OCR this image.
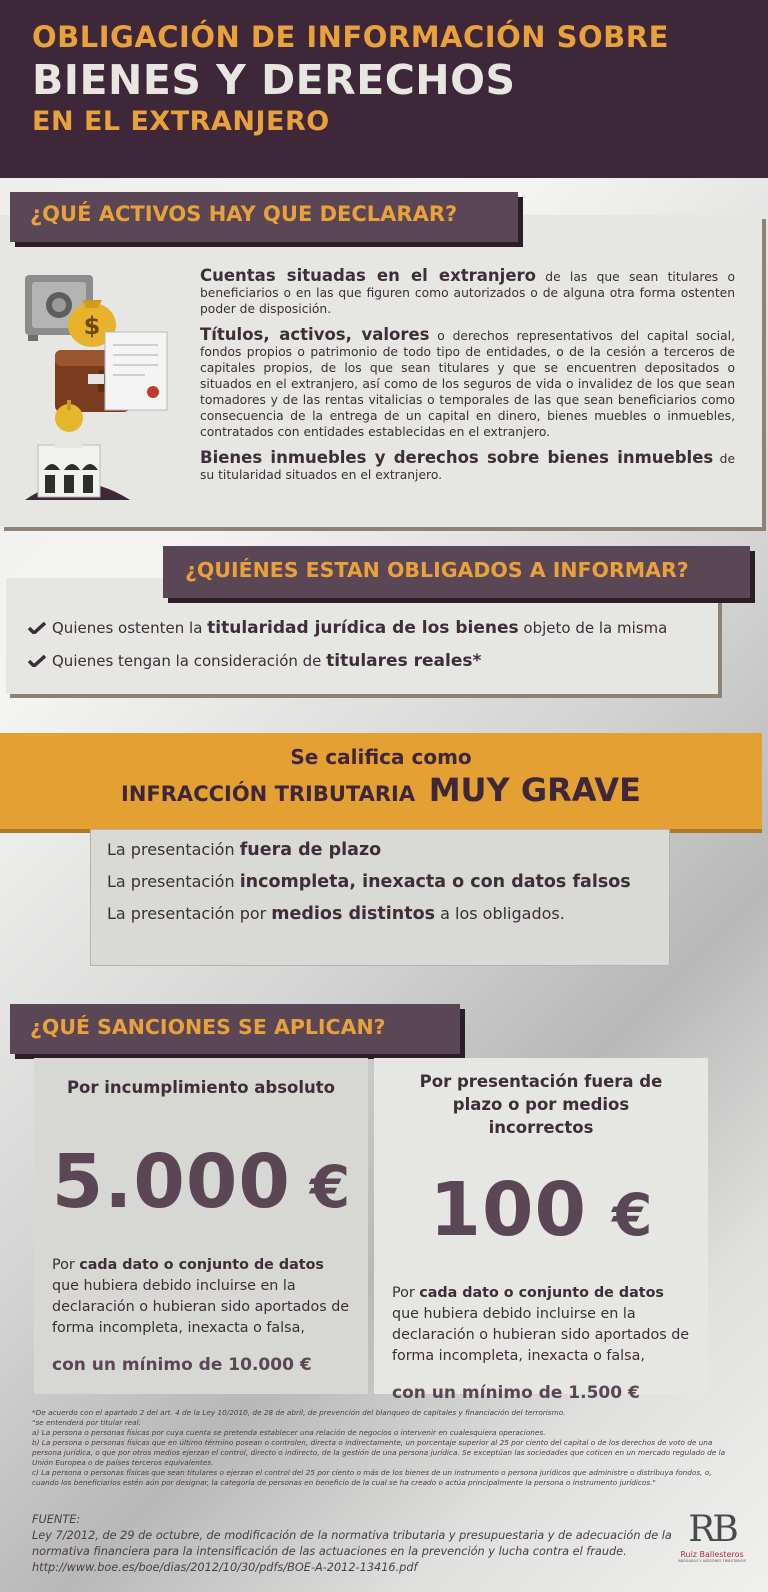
OBLIGACIÓN DE INFORMACIÓN SOBRE
BIENES Y DERECHOS
EN EL EXTRANJERO
¿QUÉ ACTIVOS HAY QUE DECLARAR?
$
Cuentas situadas en el extranjero de las que sean titulares o beneficiarios o en las que figuren como autorizados o de alguna otra forma ostenten poder de disposición.
Títulos, activos, valores o derechos representativos del capital social, fondos propios o patrimonio de todo tipo de entidades, o de la cesión a terceros de capitales propios, de los que sean titulares y que se encuentren depositados o situados en el extranjero, así como de los seguros de vida o invalidez de los que sean tomadores y de las rentas vitalicias o temporales de las que sean beneficiarios como consecuencia de la entrega de un capital en dinero, bienes muebles o inmuebles, contratados con entidades establecidas en el extranjero.
Bienes inmuebles y derechos sobre bienes inmuebles de su titularidad situados en el extranjero.
¿QUIÉNES ESTAN OBLIGADOS A INFORMAR?
Quienes ostenten la titularidad jurídica de los bienes objeto de la misma
Quienes tengan la consideración de titulares reales*
Se califica como
INFRACCIÓN TRIBUTARIA MUY GRAVE
La presentación fuera de plazo
La presentación incompleta, inexacta o con datos falsos
La presentación por medios distintos a los obligados.
¿QUÉ SANCIONES SE APLICAN?
Por incumplimiento absoluto
5.000 €
Por cada dato o conjunto de datos que hubiera debido incluirse en la declaración o hubieran sido aportados de forma incompleta, inexacta o falsa,
con un mínimo de 10.000 €
Por presentación fuera de plazo o por medios incorrectos
100 €
Por cada dato o conjunto de datos que hubiera debido incluirse en la declaración o hubieran sido aportados de forma incompleta, inexacta o falsa,
con un mínimo de 1.500 €
*De acuerdo con el apartado 2 del art. 4 de la Ley 10/2010, de 28 de abril, de prevención del blanqueo de capitales y financiación del terrorismo.
"se entenderá por titular real:
a) La persona o personas físicas por cuya cuenta se pretenda establecer una relación de negocios o intervenir en cualesquiera operaciones.
b) La persona o personas físicas que en último término posean o controlen, directa o indirectamente, un porcentaje superior al 25 por ciento del capital o de los derechos de voto de una persona jurídica, o que por otros medios ejerzan el control, directo o indirecto, de la gestión de una persona jurídica. Se exceptúan las sociedades que coticen en un mercado regulado de la Unión Europea o de países terceros equivalentes.
c) La persona o personas físicas que sean titulares o ejerzan el control del 25 por ciento o más de los bienes de un instrumento o persona jurídicos que administre o distribuya fondos, o, cuando los beneficiarios estén aún por designar, la categoría de personas en beneficio de la cual se ha creado o actúa principalmente la persona o instrumento jurídicos."
FUENTE:
Ley 7/2012, de 29 de octubre, de modificación de la normativa tributaria y presupuestaria y de adecuación de la normativa financiera para la intensificación de las actuaciones en la prevención y lucha contra el fraude.
http://www.boe.es/boe/dias/2012/10/30/pdfs/BOE-A-2012-13416.pdf
RB
Ruiz Ballesteros
ABOGADOS Y ASESORES TRIBUTARIOS
